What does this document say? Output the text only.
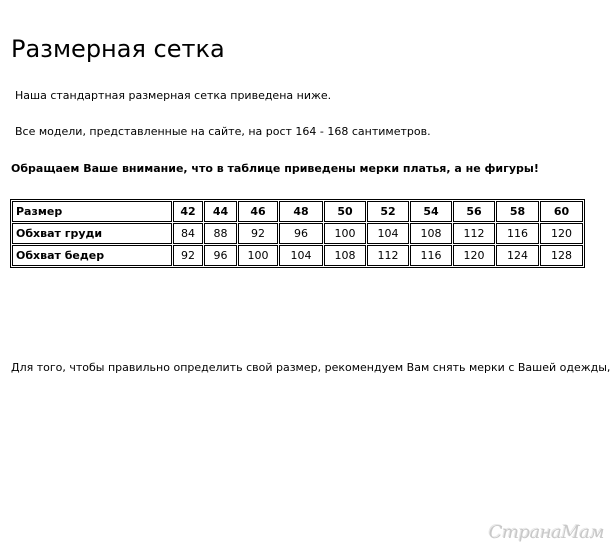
Размерная сетка

Наша стандартная размерная сетка приведена ниже.

Все модели, представленные на сайте, на рост 164 - 168 сантиметров.

Обращаем Ваше внимание, что в таблице приведены мерки платья, а не фигуры!

Размер	42	44	46	48	50	52	54	56	58	60
Обхват груди	84	88	92	96	100	104	108	112	116	120
Обхват бедер	92	96	100	104	108	112	116	120	124	128

Для того, чтобы правильно определить свой размер, рекомендуем Вам снять мерки с Вашей одежды,

СтранаМам
